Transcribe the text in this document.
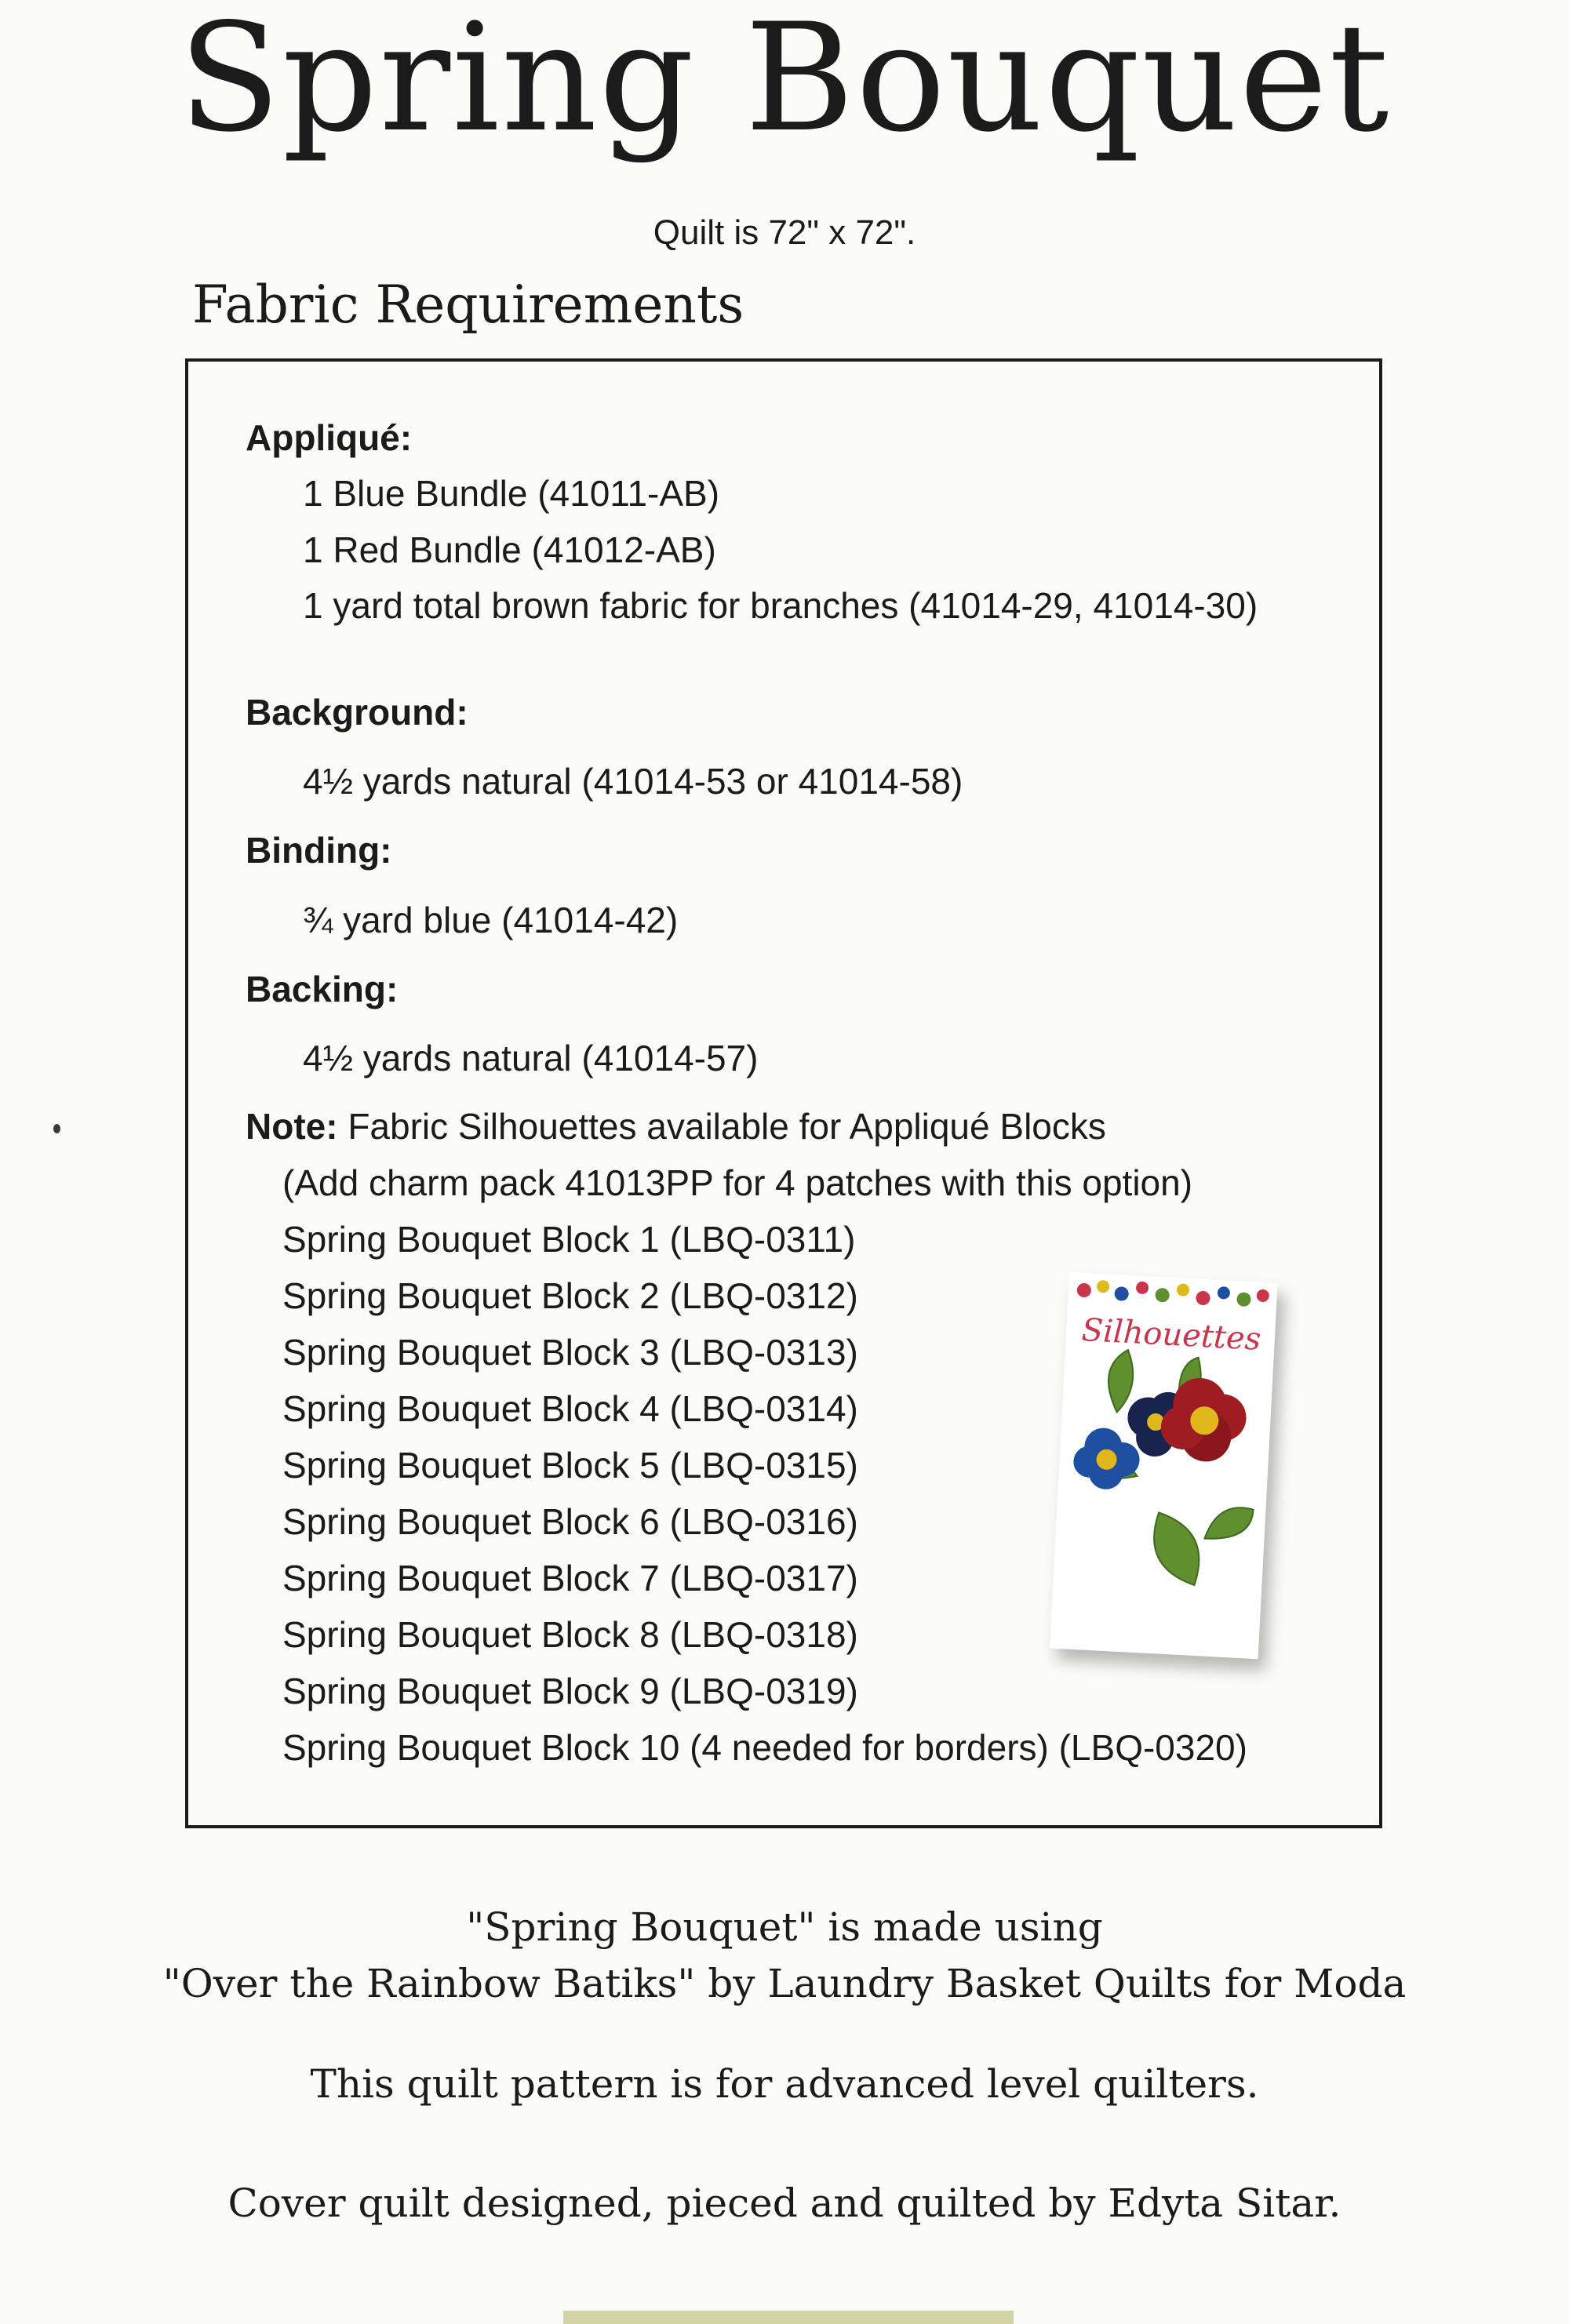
Spring Bouquet

Quilt is 72" x 72".

Fabric Requirements

Appliqué:

1 Blue Bundle (41011-AB)

1 Red Bundle (41012-AB)

1 yard total brown fabric for branches (41014-29, 41014-30)

Background:

4½ yards natural (41014-53 or 41014-58)

Binding:

¾ yard blue (41014-42)

Backing:

4½ yards natural (41014-57)

Note: Fabric Silhouettes available for Appliqué Blocks

(Add charm pack 41013PP for 4 patches with this option)

Spring Bouquet Block 1 (LBQ-0311)

Spring Bouquet Block 2 (LBQ-0312)

Spring Bouquet Block 3 (LBQ-0313)

Spring Bouquet Block 4 (LBQ-0314)

Spring Bouquet Block 5 (LBQ-0315)

Spring Bouquet Block 6 (LBQ-0316)

Spring Bouquet Block 7 (LBQ-0317)

Spring Bouquet Block 8 (LBQ-0318)

Spring Bouquet Block 9 (LBQ-0319)

Spring Bouquet Block 10 (4 needed for borders) (LBQ-0320)

Silhouettes

"Spring Bouquet" is made using

"Over the Rainbow Batiks" by Laundry Basket Quilts for Moda

This quilt pattern is for advanced level quilters.

Cover quilt designed, pieced and quilted by Edyta Sitar.
